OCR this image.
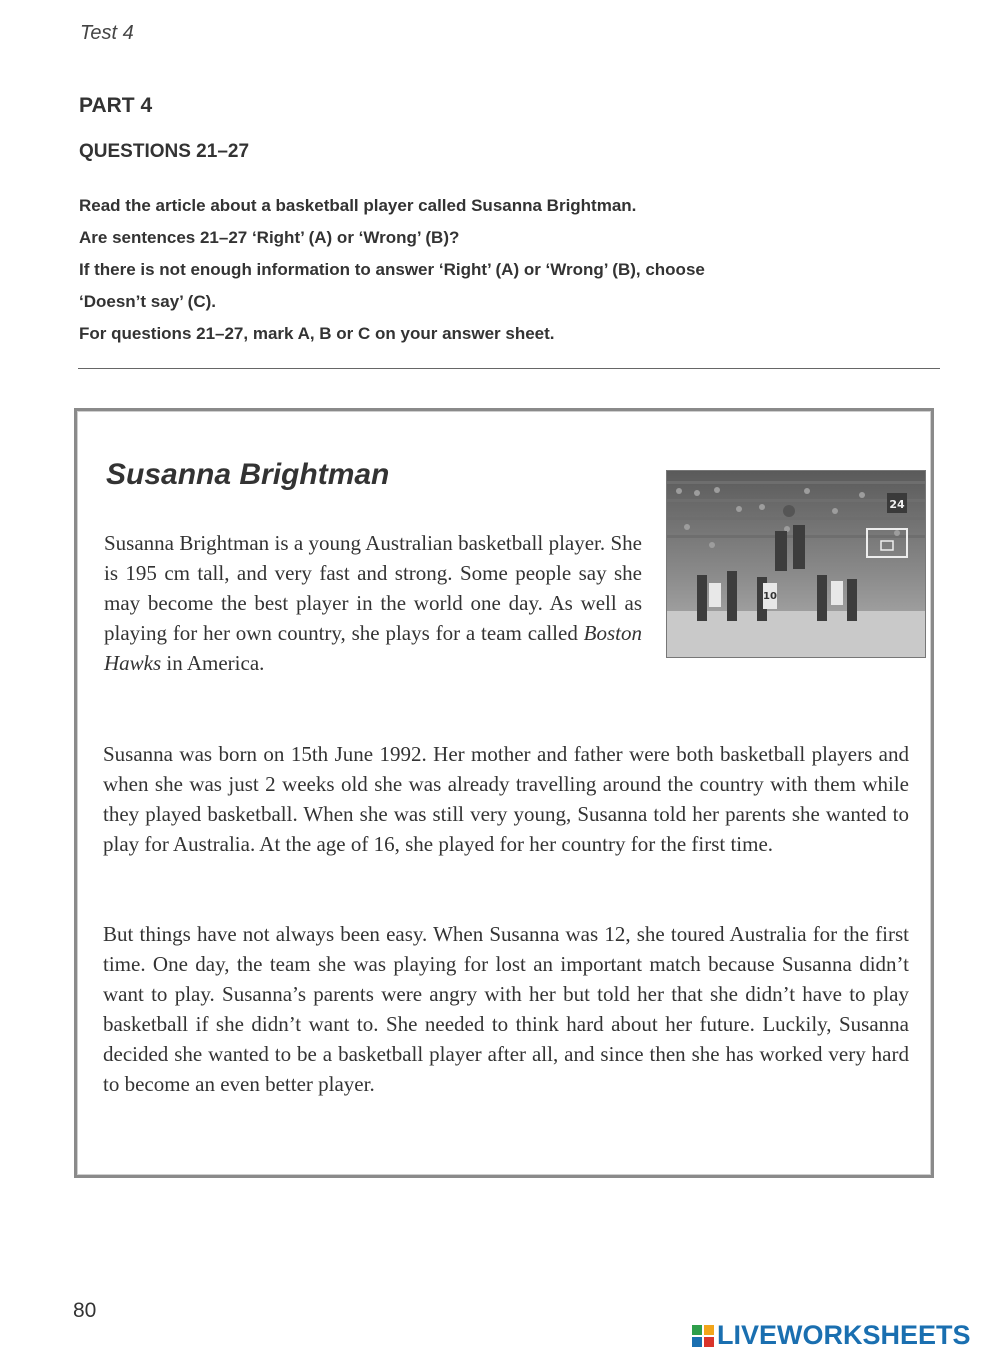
Test 4
PART 4
QUESTIONS 21–27

Read the article about a basketball player called Susanna Brightman.

Are sentences 21–27 ‘Right’ (A) or ‘Wrong’ (B)?

If there is not enough information to answer ‘Right’ (A) or ‘Wrong’ (B), choose

‘Doesn’t say’ (C).

For questions 21–27, mark A, B or C on your answer sheet.

Susanna Brightman

Susanna Brightman is a young Australian basketball player. She is 195 cm tall, and very fast and strong. Some people say she may become the best player in the world one day. As well as playing for her own country, she plays for a team called Boston Hawks in America.

24
10

Susanna was born on 15th June 1992. Her mother and father were both basketball players and when she was just 2 weeks old she was already travelling around the country with them while they played basketball. When she was still very young, Susanna told her parents she wanted to play for Australia. At the age of 16, she played for her country for the first time.

But things have not always been easy. When Susanna was 12, she toured Australia for the first time. One day, the team she was playing for lost an important match because Susanna didn’t want to play. Susanna’s parents were angry with her but told her that she didn’t have to play basketball if she didn’t want to. She needed to think hard about her future. Luckily, Susanna decided she wanted to be a basketball player after all, and since then she has worked very hard to become an even better player.

80
LIVEWORKSHEETS
